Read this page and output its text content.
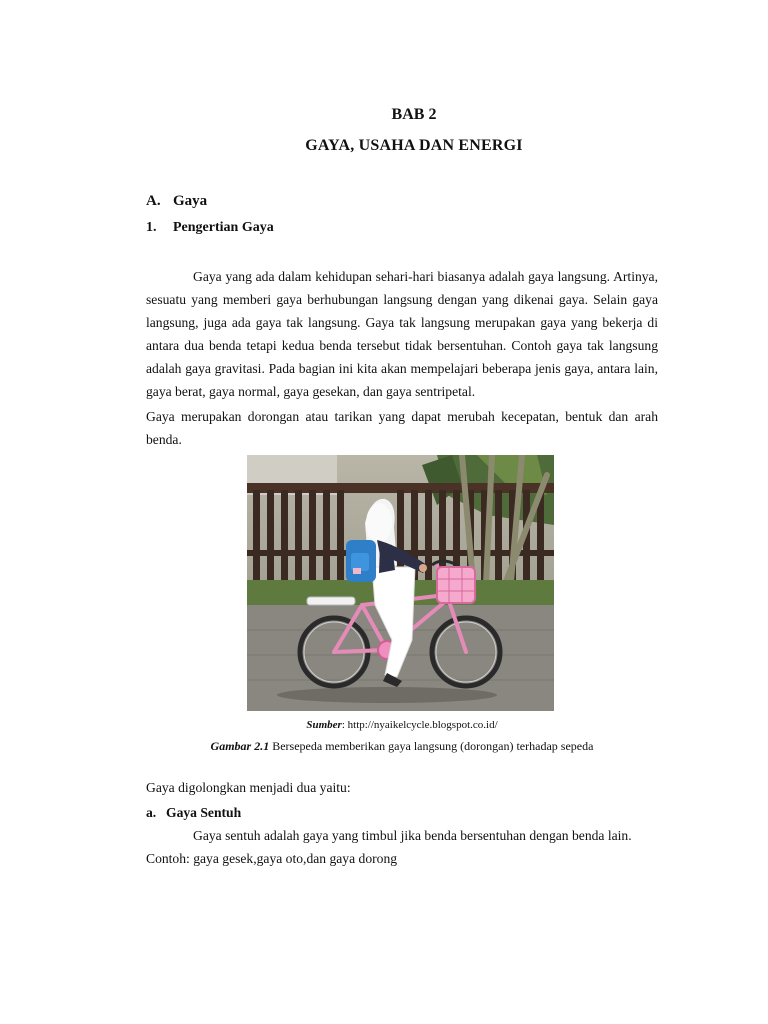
BAB 2
GAYA, USAHA DAN ENERGI
A. Gaya
1. Pengertian Gaya

Gaya yang ada dalam kehidupan sehari-hari biasanya adalah gaya langsung. Artinya, sesuatu yang memberi gaya berhubungan langsung dengan yang dikenai gaya. Selain gaya langsung, juga ada gaya tak langsung. Gaya tak langsung merupakan gaya yang bekerja di antara dua benda tetapi kedua benda tersebut tidak bersentuhan. Contoh gaya tak langsung adalah gaya gravitasi. Pada bagian ini kita akan mempelajari beberapa jenis gaya, antara lain, gaya berat, gaya normal, gaya gesekan, dan gaya sentripetal.

Gaya merupakan dorongan atau tarikan yang dapat merubah kecepatan, bentuk dan arah benda.

Sumber: http://nyaikelcycle.blogspot.co.id/
Gambar 2.1 Bersepeda memberikan gaya langsung (dorongan) terhadap sepeda
Gaya digolongkan menjadi dua yaitu:
a. Gaya Sentuh
Gaya sentuh adalah gaya yang timbul jika benda bersentuhan dengan benda lain.
Contoh: gaya gesek,gaya oto,dan gaya dorong
